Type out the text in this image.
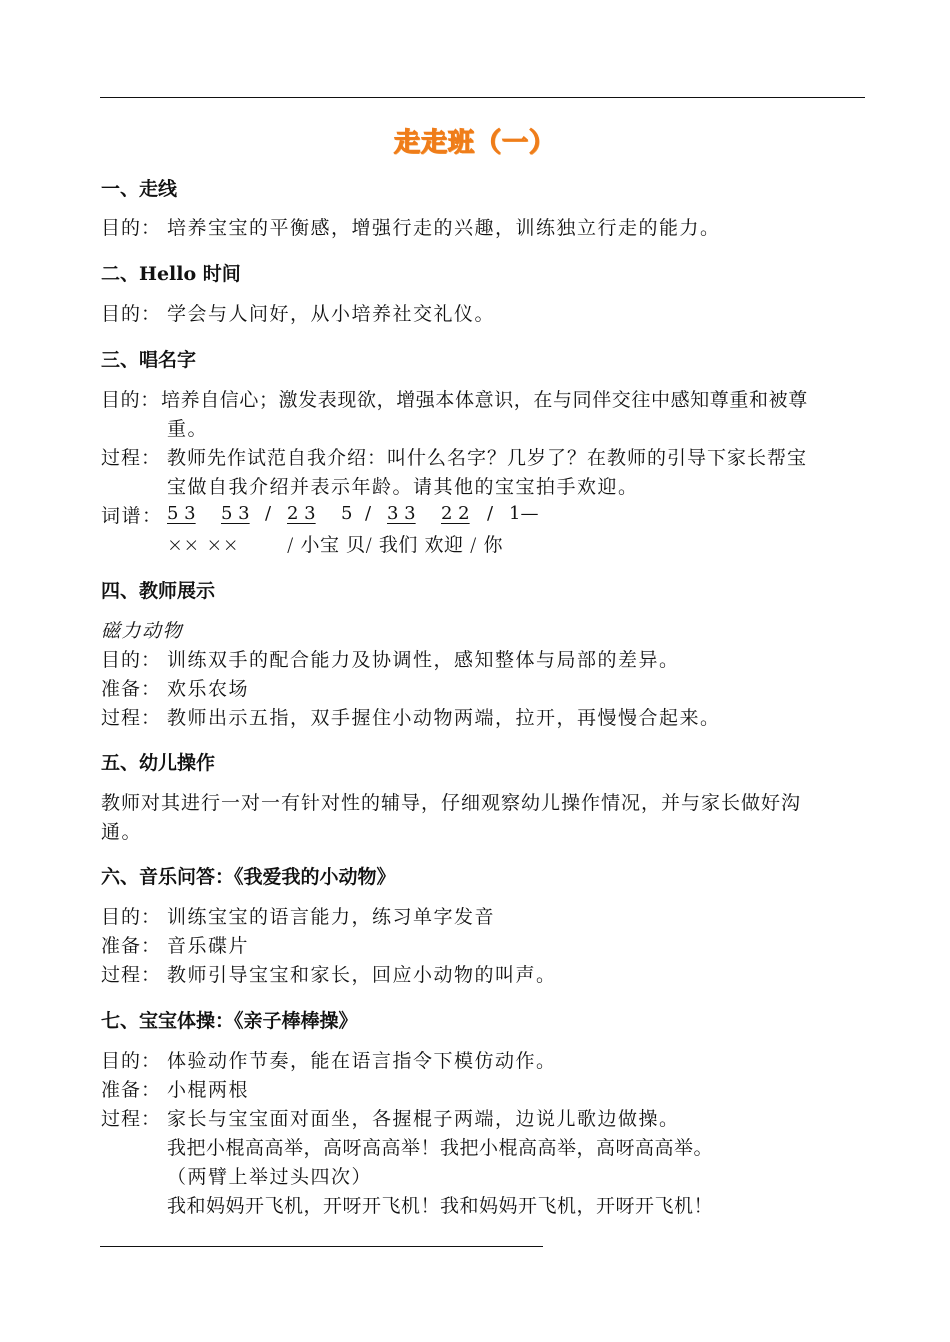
走走班（一）
一、走线
目的： 培养宝宝的平衡感，增强行走的兴趣，训练独立行走的能力。
二、Hello 时间
目的： 学会与人问好，从小培养社交礼仪。
三、唱名字
目的：培养自信心；激发表现欲，增强本体意识，在与同伴交往中感知尊重和被尊
重。
过程： 教师先作试范自我介绍：叫什么名字？几岁了？在教师的引导下家长帮宝
宝做自我介绍并表示年龄。请其他的宝宝拍手欢迎。
词谱： 5 3 5 3 / 2 3 5 / 3 3 2 2 / 1—
×× ××	/ 小宝 贝/ 我们 欢迎 / 你
四、教师展示
磁力动物
目的： 训练双手的配合能力及协调性，感知整体与局部的差异。
准备： 欢乐农场
过程： 教师出示五指，双手握住小动物两端，拉开，再慢慢合起来。
五、幼儿操作
教师对其进行一对一有针对性的辅导，仔细观察幼儿操作情况，并与家长做好沟
通。
六、音乐问答：《我爱我的小动物》
目的： 训练宝宝的语言能力，练习单字发音
准备： 音乐碟片
过程： 教师引导宝宝和家长，回应小动物的叫声。
七、宝宝体操：《亲子棒棒操》
目的： 体验动作节奏，能在语言指令下模仿动作。
准备： 小棍两根
过程： 家长与宝宝面对面坐，各握棍子两端，边说儿歌边做操。
我把小棍高高举，高呀高高举！我把小棍高高举，高呀高高举。
（两臂上举过头四次）
我和妈妈开飞机，开呀开飞机！我和妈妈开飞机，开呀开飞机！
